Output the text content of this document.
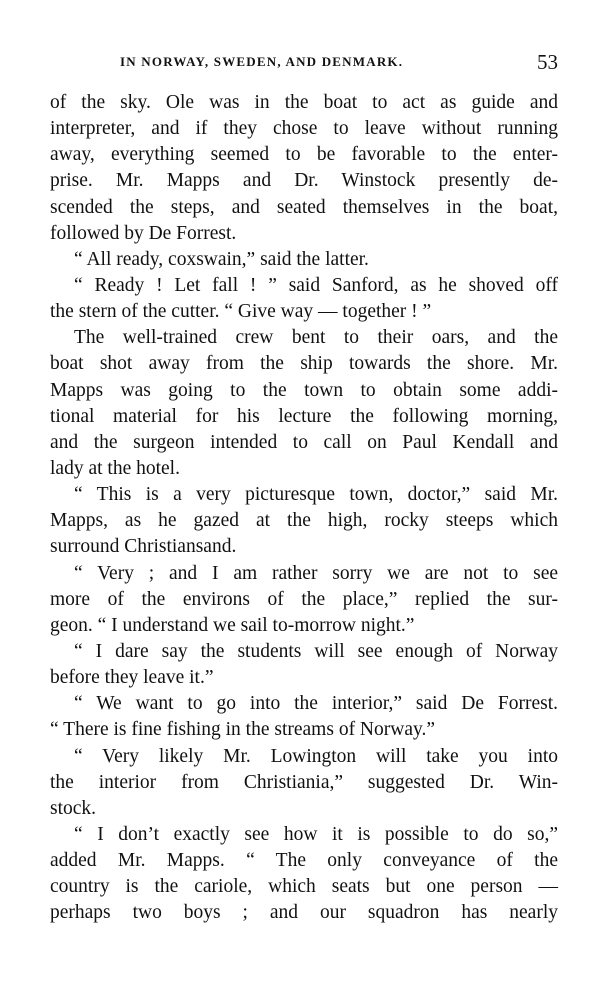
IN NORWAY, SWEDEN, AND DENMARK.	53
of the sky. Ole was in the boat to act as guide and
interpreter, and if they chose to leave without running
away, everything seemed to be favorable to the enter-
prise. Mr. Mapps and Dr. Winstock presently de-
scended the steps, and seated themselves in the boat,
followed by De Forrest.
“ All ready, coxswain,” said the latter.
“ Ready ! Let fall ! ” said Sanford, as he shoved off
the stern of the cutter. “ Give way — together ! ”
The well-trained crew bent to their oars, and the
boat shot away from the ship towards the shore. Mr.
Mapps was going to the town to obtain some addi-
tional material for his lecture the following morning,
and the surgeon intended to call on Paul Kendall and
lady at the hotel.
“ This is a very picturesque town, doctor,” said Mr.
Mapps, as he gazed at the high, rocky steeps which
surround Christiansand.
“ Very ; and I am rather sorry we are not to see
more of the environs of the place,” replied the sur-
geon. “ I understand we sail to-morrow night.”
“ I dare say the students will see enough of Norway
before they leave it.”
“ We want to go into the interior,” said De Forrest.
“ There is fine fishing in the streams of Norway.”
“ Very likely Mr. Lowington will take you into
the interior from Christiania,” suggested Dr. Win-
stock.
“ I don’t exactly see how it is possible to do so,”
added Mr. Mapps. “ The only conveyance of the
country is the cariole, which seats but one person —
perhaps two boys ; and our squadron has nearly
